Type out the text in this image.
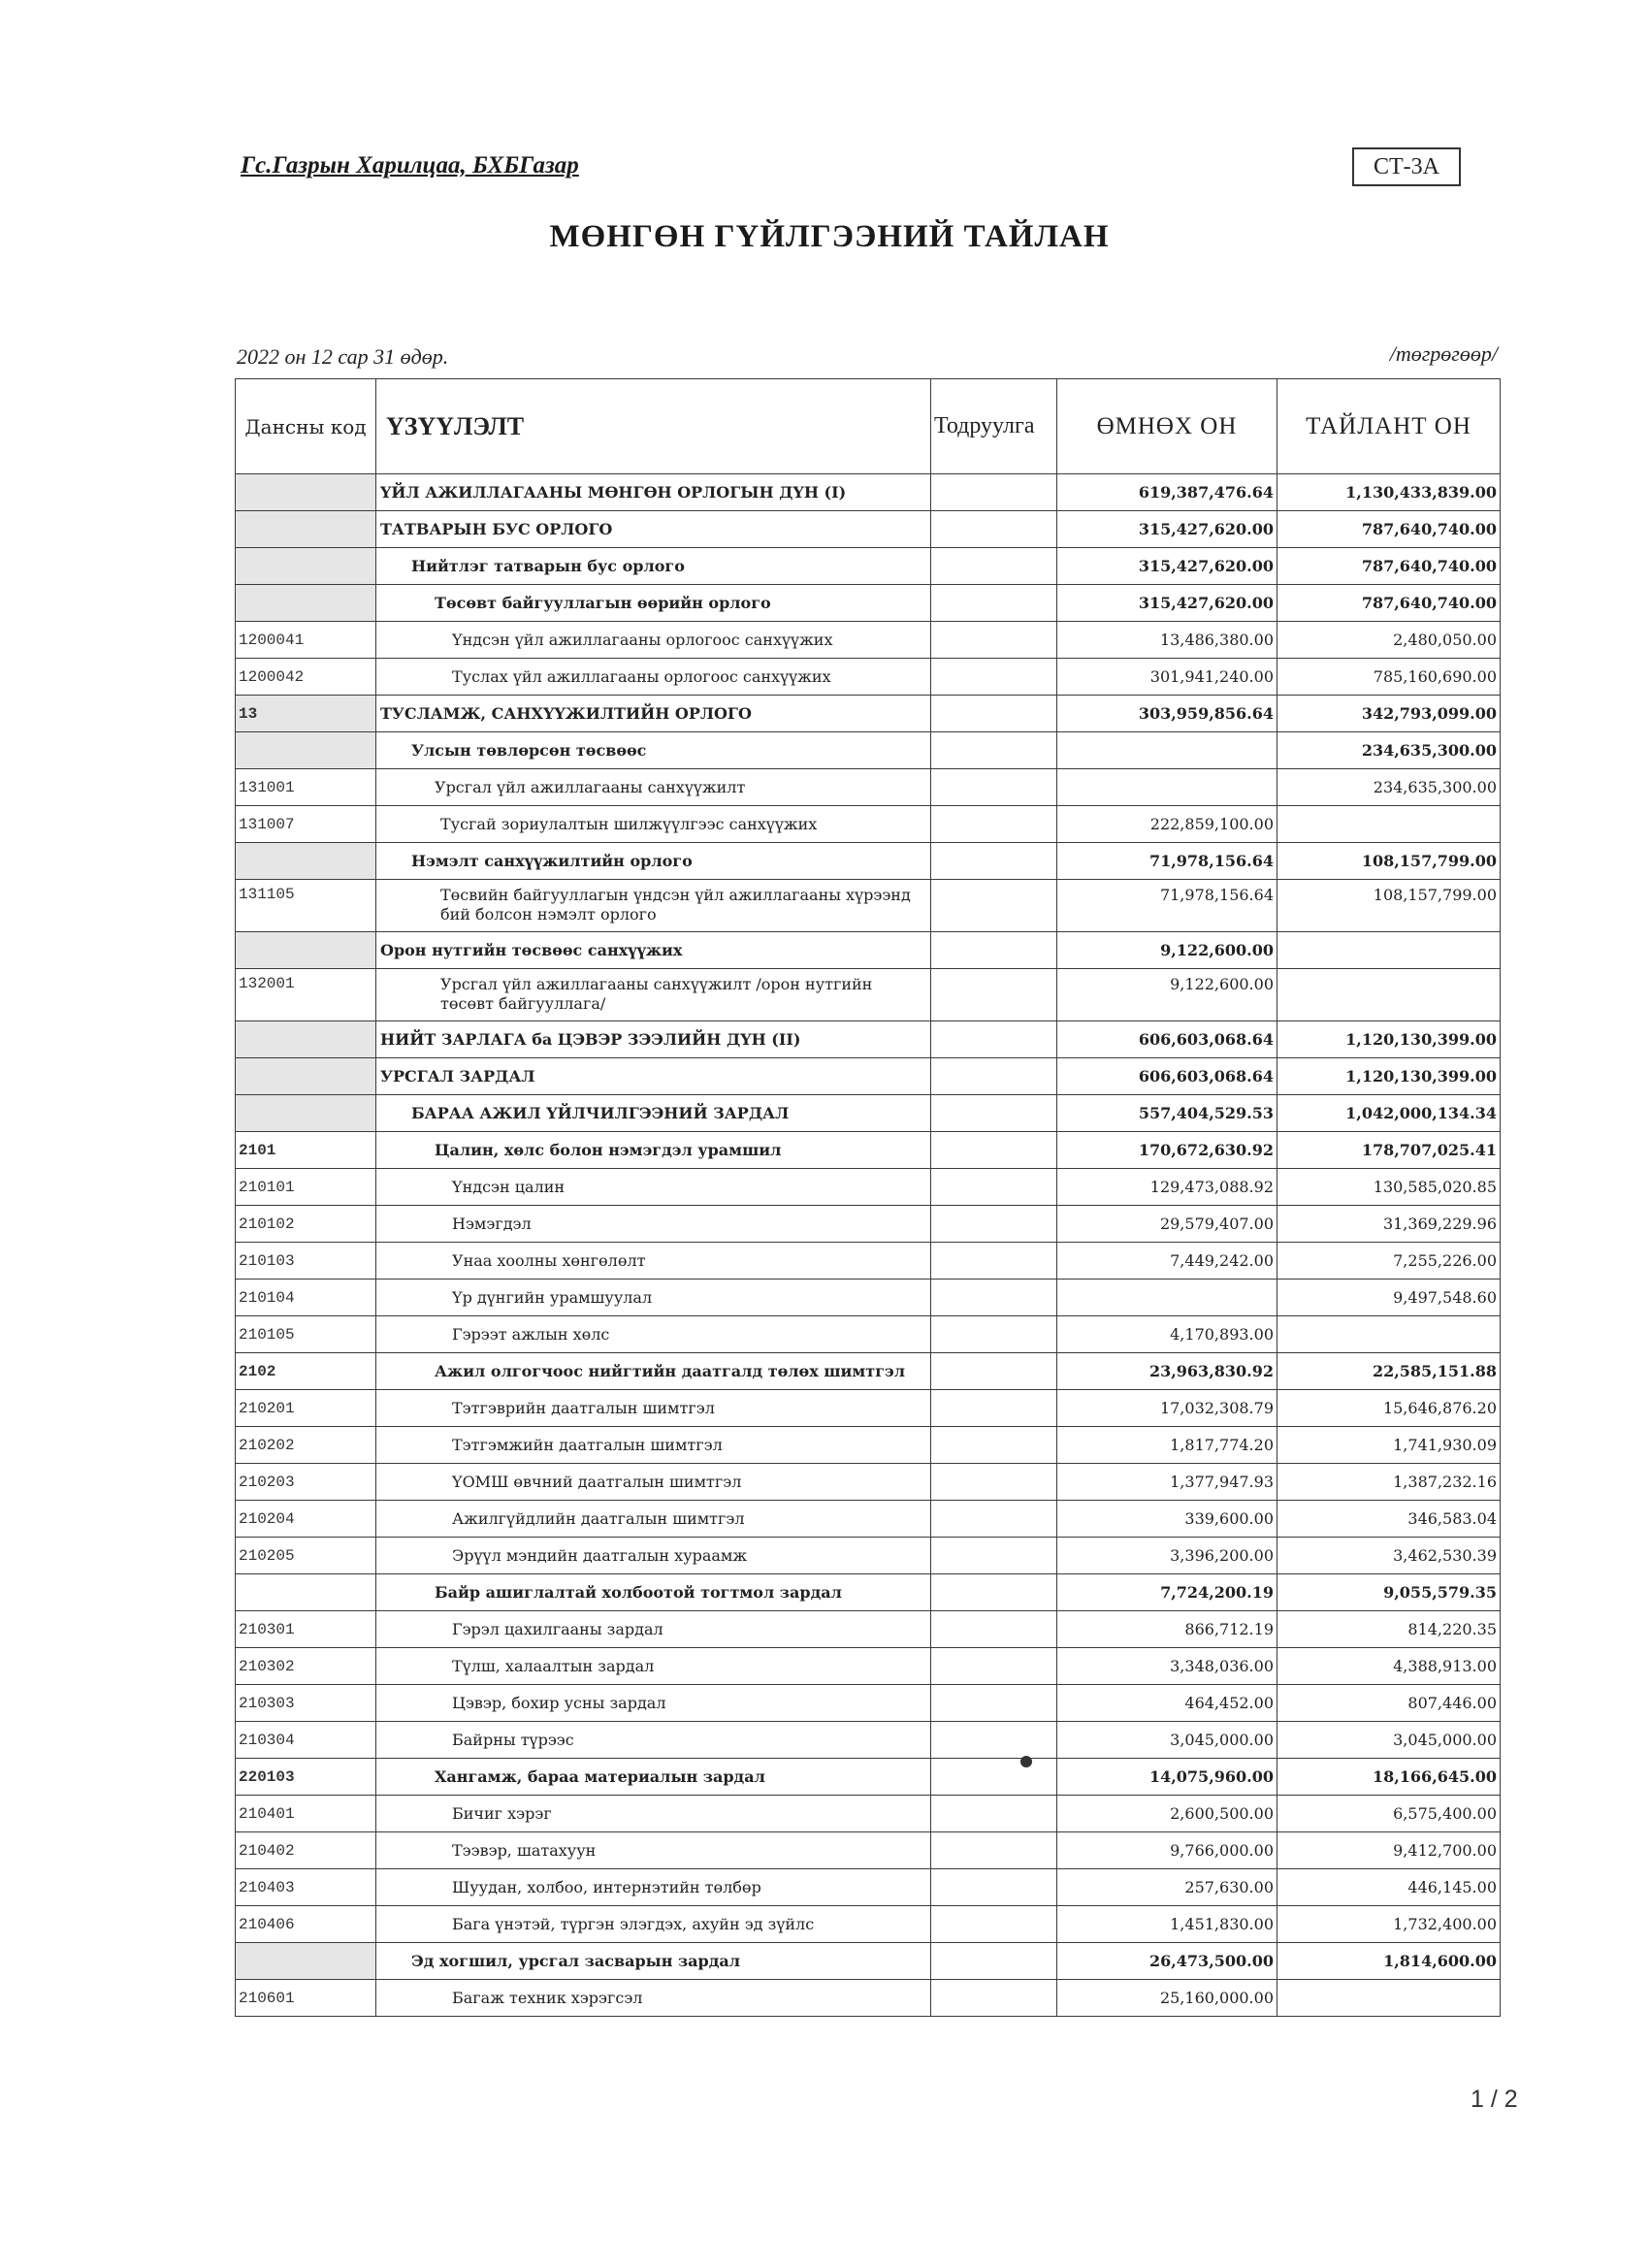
Гс.Газрын Харилцаа, БХБГазар	СТ-3А
МӨНГӨН ГҮЙЛГЭЭНИЙ ТАЙЛАН
2022 он 12 сар 31 өдөр.	/төгрөгөөр/
Дансны код	ҮЗҮҮЛЭЛТ	Тодруулга	ӨМНӨХ ОН	ТАЙЛАНТ ОН
	ҮЙЛ АЖИЛЛАГААНЫ МӨНГӨН ОРЛОГЫН ДҮН (I)		619,387,476.64	1,130,433,839.00
	ТАТВАРЫН БУС ОРЛОГО		315,427,620.00	787,640,740.00
	Нийтлэг татварын бус орлого		315,427,620.00	787,640,740.00
	Төсөвт байгууллагын өөрийн орлого		315,427,620.00	787,640,740.00
1200041	Үндсэн үйл ажиллагааны орлогоос санхүүжих		13,486,380.00	2,480,050.00
1200042	Туслах үйл ажиллагааны орлогоос санхүүжих		301,941,240.00	785,160,690.00
13	ТУСЛАМЖ, САНХҮҮЖИЛТИЙН ОРЛОГО		303,959,856.64	342,793,099.00
	Улсын төвлөрсөн төсвөөс			234,635,300.00
131001	Урсгал үйл ажиллагааны санхүүжилт			234,635,300.00
131007	Тусгай зориулалтын шилжүүлгээс санхүүжих		222,859,100.00	
	Нэмэлт санхүүжилтийн орлого		71,978,156.64	108,157,799.00
131105	Төсвийн байгууллагын үндсэн үйл ажиллагааны хүрээнд бий болсон нэмэлт орлого		71,978,156.64	108,157,799.00
	Орон нутгийн төсвөөс санхүүжих		9,122,600.00	
132001	Урсгал үйл ажиллагааны санхүүжилт /орон нутгийн төсөвт байгууллага/		9,122,600.00	
	НИЙТ ЗАРЛАГА ба ЦЭВЭР ЗЭЭЛИЙН ДҮН (II)		606,603,068.64	1,120,130,399.00
	УРСГАЛ ЗАРДАЛ		606,603,068.64	1,120,130,399.00
	БАРАА АЖИЛ ҮЙЛЧИЛГЭЭНИЙ ЗАРДАЛ		557,404,529.53	1,042,000,134.34
2101	Цалин, хөлс болон нэмэгдэл урамшил		170,672,630.92	178,707,025.41
210101	Үндсэн цалин		129,473,088.92	130,585,020.85
210102	Нэмэгдэл		29,579,407.00	31,369,229.96
210103	Унаа хоолны хөнгөлөлт		7,449,242.00	7,255,226.00
210104	Үр дүнгийн урамшуулал			9,497,548.60
210105	Гэрээт ажлын хөлс		4,170,893.00	
2102	Ажил олгогчоос нийгтийн даатгалд төлөх шимтгэл		23,963,830.92	22,585,151.88
210201	Тэтгэврийн даатгалын шимтгэл		17,032,308.79	15,646,876.20
210202	Тэтгэмжийн даатгалын шимтгэл		1,817,774.20	1,741,930.09
210203	ҮОМШ өвчний даатгалын шимтгэл		1,377,947.93	1,387,232.16
210204	Ажилгүйдлийн даатгалын шимтгэл		339,600.00	346,583.04
210205	Эрүүл мэндийн даатгалын хураамж		3,396,200.00	3,462,530.39
	Байр ашиглалтай холбоотой тогтмол зардал		7,724,200.19	9,055,579.35
210301	Гэрэл цахилгааны зардал		866,712.19	814,220.35
210302	Түлш, халаалтын зардал		3,348,036.00	4,388,913.00
210303	Цэвэр, бохир усны зардал		464,452.00	807,446.00
210304	Байрны түрээс		3,045,000.00	3,045,000.00
220103	Хангамж, бараа материалын зардал		14,075,960.00	18,166,645.00
210401	Бичиг хэрэг		2,600,500.00	6,575,400.00
210402	Тээвэр, шатахуун		9,766,000.00	9,412,700.00
210403	Шуудан, холбоо, интернэтийн төлбөр		257,630.00	446,145.00
210406	Бага үнэтэй, түргэн элэгдэх, ахуйн эд зүйлс		1,451,830.00	1,732,400.00
	Эд хогшил, урсгал засварын зардал		26,473,500.00	1,814,600.00
210601	Багаж техник хэрэгсэл		25,160,000.00	
1 / 2
